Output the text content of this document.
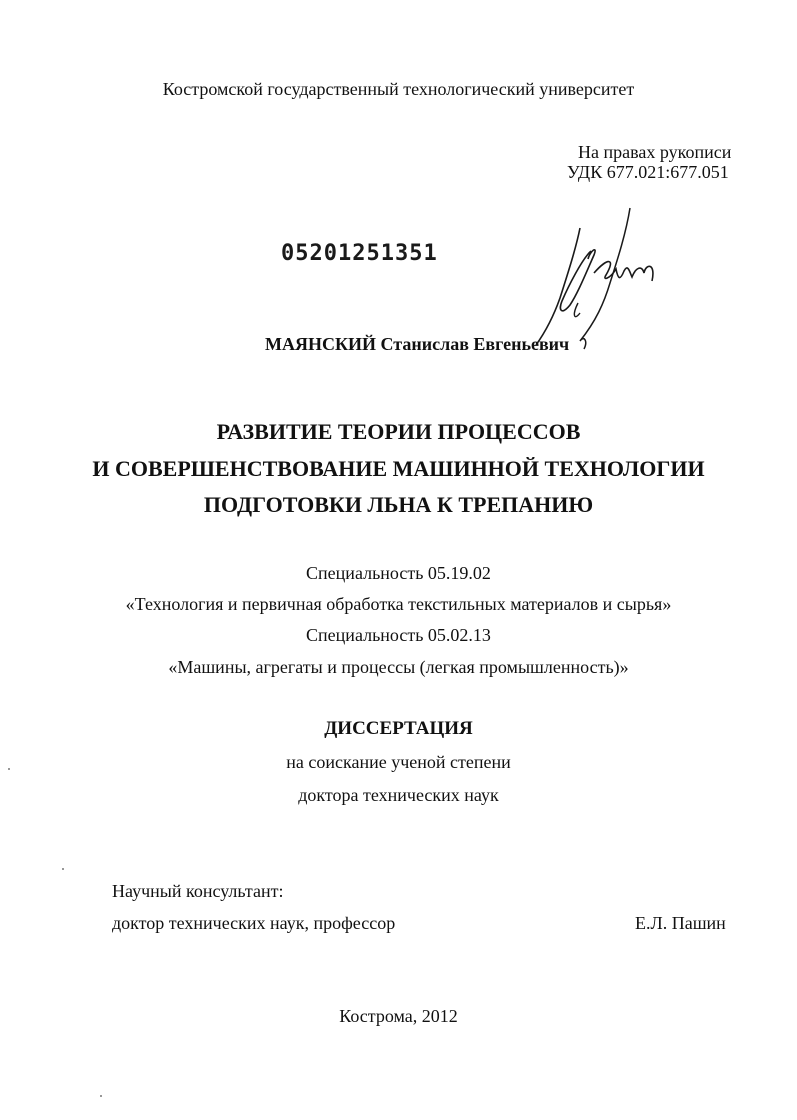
Костромской государственный технологический университет
На правах рукописи
УДК 677.021:677.051
05201251351
МАЯНСКИЙ Станислав Евгеньевич
РАЗВИТИЕ ТЕОРИИ ПРОЦЕССОВ
И СОВЕРШЕНСТВОВАНИЕ МАШИННОЙ ТЕХНОЛОГИИ
ПОДГОТОВКИ ЛЬНА К ТРЕПАНИЮ
Специальность 05.19.02
«Технология и первичная обработка текстильных материалов и сырья»
Специальность 05.02.13
«Машины, агрегаты и процессы (легкая промышленность)»
ДИССЕРТАЦИЯ
на соискание ученой степени
доктора технических наук
Научный консультант:
доктор технических наук, профессор	Е.Л. Пашин
Кострома, 2012
